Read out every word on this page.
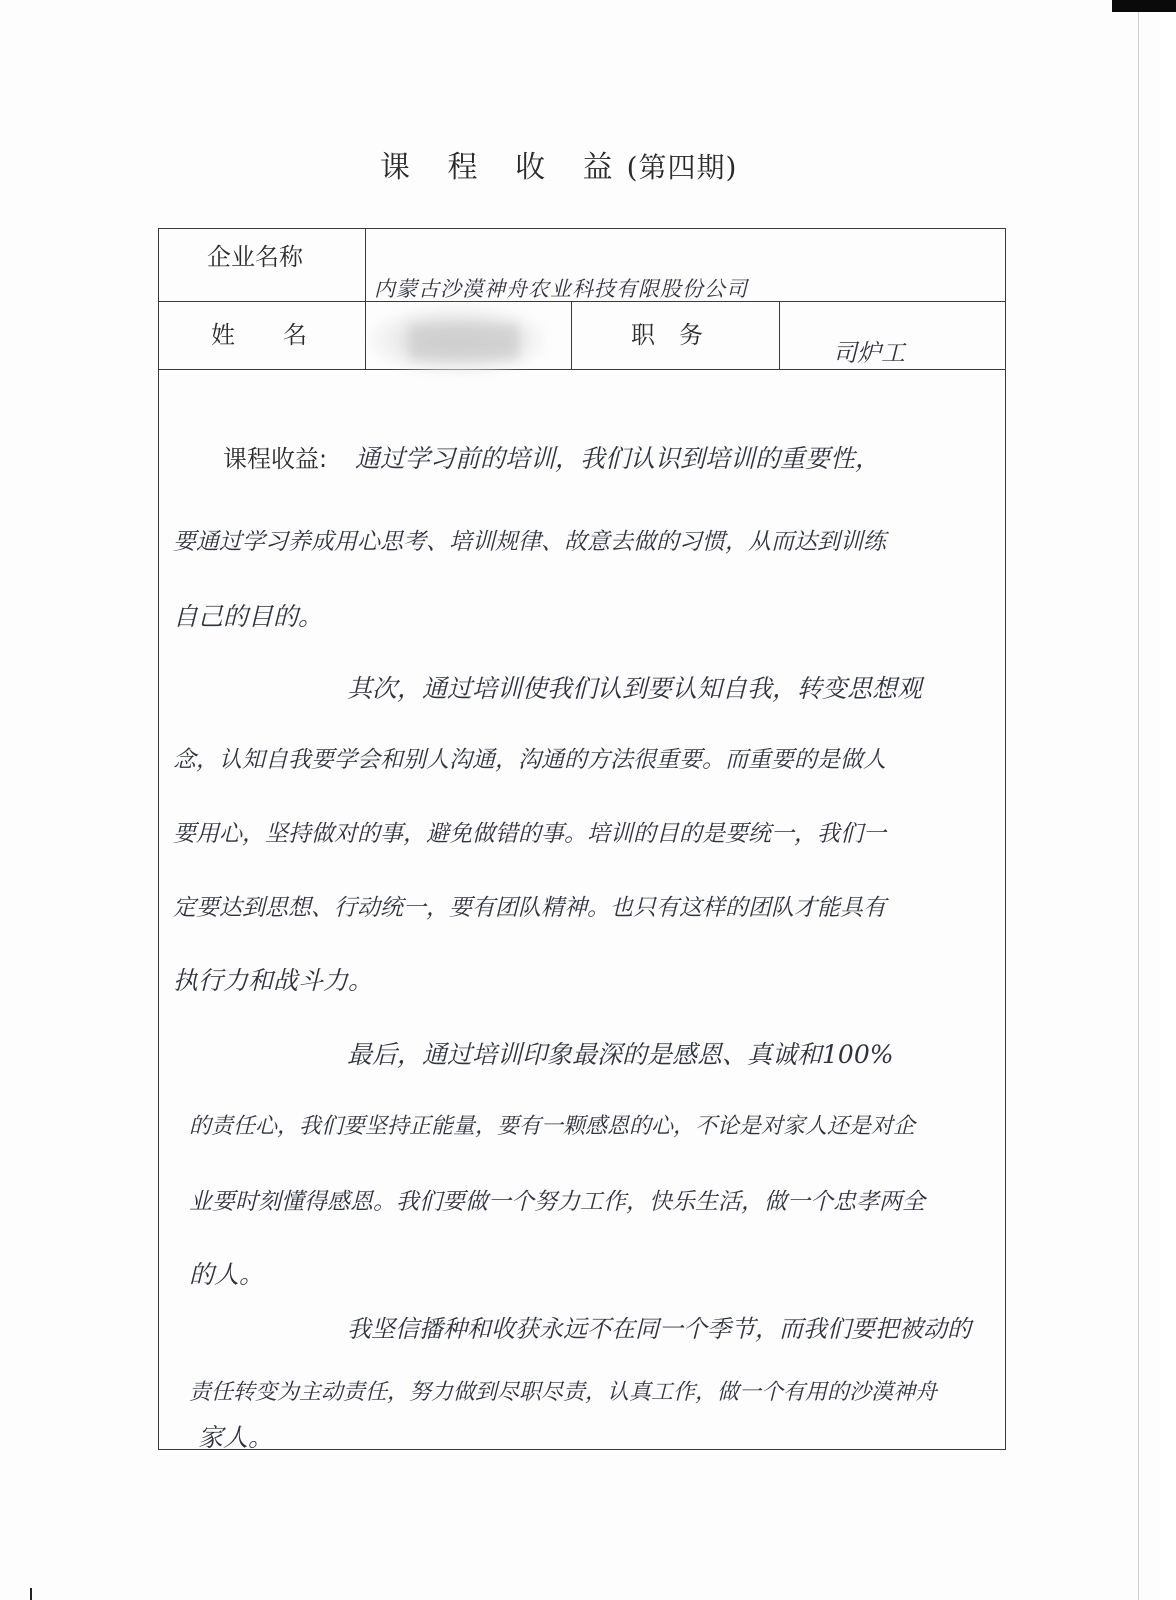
课 程 收 益(第四期)
企业名称
内蒙古沙漠神舟农业科技有限股份公司
姓　　名	职　务
司炉工
课程收益: 通过学习前的培训，我们认识到培训的重要性，
要通过学习养成用心思考、培训规律、故意去做的习惯，从而达到训练
自己的目的。
其次，通过培训使我们认到要认知自我，转变思想观
念，认知自我要学会和别人沟通，沟通的方法很重要。而重要的是做人
要用心，坚持做对的事，避免做错的事。培训的目的是要统一，我们一
定要达到思想、行动统一，要有团队精神。也只有这样的团队才能具有
执行力和战斗力。
最后，通过培训印象最深的是感恩、真诚和100%
的责任心，我们要坚持正能量，要有一颗感恩的心，不论是对家人还是对企
业要时刻懂得感恩。我们要做一个努力工作，快乐生活，做一个忠孝两全
的人。
我坚信播种和收获永远不在同一个季节，而我们要把被动的
责任转变为主动责任，努力做到尽职尽责，认真工作，做一个有用的沙漠神舟
家人。
